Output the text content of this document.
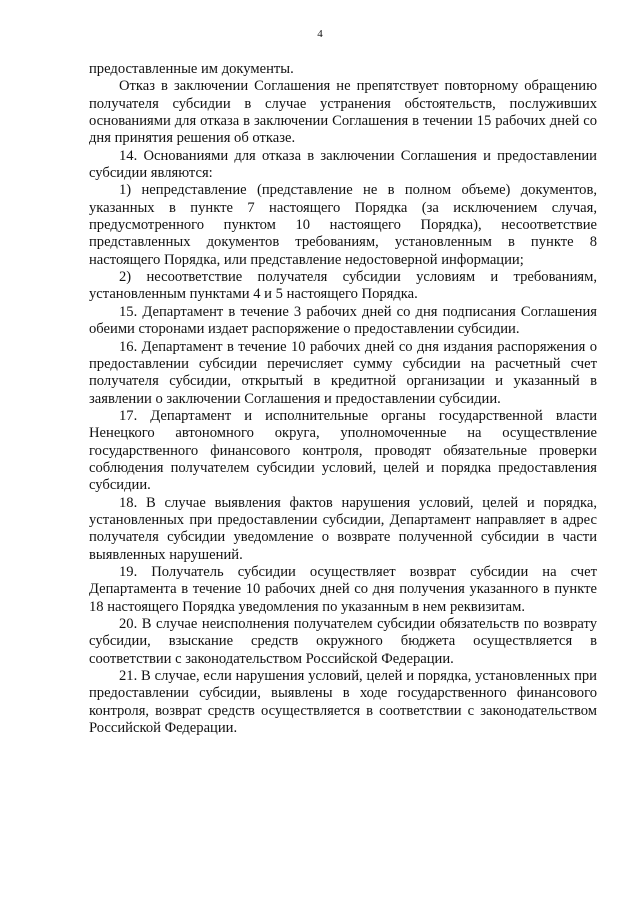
4

предоставленные им документы.

Отказ в заключении Соглашения не препятствует повторному обращению получателя субсидии в случае устранения обстоятельств, послуживших основаниями для отказа в заключении Соглашения в течении 15 рабочих дней со дня принятия решения об отказе.

14. Основаниями для отказа в заключении Соглашения и предоставлении субсидии являются:

1) непредставление (представление не в полном объеме) документов, указанных в пункте 7 настоящего Порядка (за исключением случая, предусмотренного пунктом 10 настоящего Порядка), несоответствие представленных документов требованиям, установленным в пункте 8 настоящего Порядка, или представление недостоверной информации;

2) несоответствие получателя субсидии условиям и требованиям, установленным пунктами 4 и 5 настоящего Порядка.

15. Департамент в течение 3 рабочих дней со дня подписания Соглашения обеими сторонами издает распоряжение о предоставлении субсидии.

16. Департамент в течение 10 рабочих дней со дня издания распоряжения о предоставлении субсидии перечисляет сумму субсидии на расчетный счет получателя субсидии, открытый в кредитной организации и указанный в заявлении о заключении Соглашения и предоставлении субсидии.

17. Департамент и исполнительные органы государственной власти Ненецкого автономного округа, уполномоченные на осуществление государственного финансового контроля, проводят обязательные проверки соблюдения получателем субсидии условий, целей и порядка предоставления субсидии.

18. В случае выявления фактов нарушения условий, целей и порядка, установленных при предоставлении субсидии, Департамент направляет в адрес получателя субсидии уведомление о возврате полученной субсидии в части выявленных нарушений.

19. Получатель субсидии осуществляет возврат субсидии на счет Департамента в течение 10 рабочих дней со дня получения указанного в пункте 18 настоящего Порядка уведомления по указанным в нем реквизитам.

20. В случае неисполнения получателем субсидии обязательств по возврату субсидии, взыскание средств окружного бюджета осуществляется в соответствии с законодательством Российской Федерации.

21. В случае, если нарушения условий, целей и порядка, установленных при предоставлении субсидии, выявлены в ходе государственного финансового контроля, возврат средств осуществляется в соответствии с законодательством Российской Федерации.
